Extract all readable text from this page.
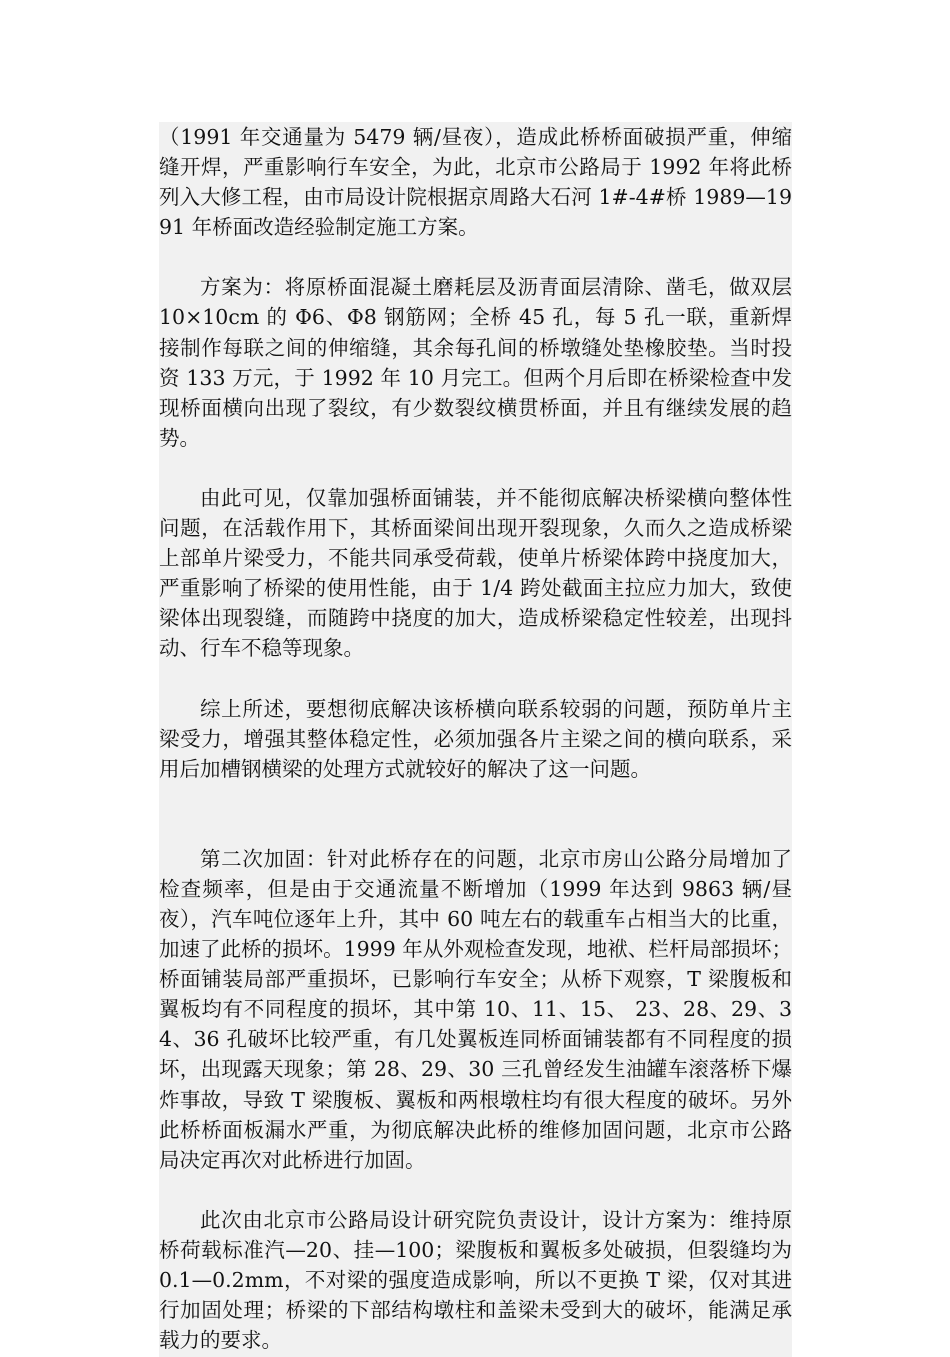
（1991 年交通量为 5479 辆/昼夜），造成此桥桥面破损严重，伸缩缝开焊，严重影响行车安全，为此，北京市公路局于 1992 年将此桥列入大修工程，由市局设计院根据京周路大石河 1#-4#桥 1989—1991 年桥面改造经验制定施工方案。

方案为：将原桥面混凝土磨耗层及沥青面层清除、凿毛，做双层 10×10cm 的 Φ6、Φ8 钢筋网；全桥 45 孔，每 5 孔一联，重新焊接制作每联之间的伸缩缝，其余每孔间的桥墩缝处垫橡胶垫。当时投资 133 万元，于 1992 年 10 月完工。但两个月后即在桥梁检查中发现桥面横向出现了裂纹，有少数裂纹横贯桥面，并且有继续发展的趋势。

由此可见，仅靠加强桥面铺装，并不能彻底解决桥梁横向整体性问题，在活载作用下，其桥面梁间出现开裂现象，久而久之造成桥梁上部单片梁受力，不能共同承受荷载，使单片桥梁体跨中挠度加大，严重影响了桥梁的使用性能，由于 1/4 跨处截面主拉应力加大，致使梁体出现裂缝，而随跨中挠度的加大，造成桥梁稳定性较差，出现抖动、行车不稳等现象。

综上所述，要想彻底解决该桥横向联系较弱的问题，预防单片主梁受力，增强其整体稳定性，必须加强各片主梁之间的横向联系，采用后加槽钢横梁的处理方式就较好的解决了这一问题。

第二次加固：针对此桥存在的问题，北京市房山公路分局增加了检查频率，但是由于交通流量不断增加（1999 年达到 9863 辆/昼夜），汽车吨位逐年上升，其中 60 吨左右的载重车占相当大的比重，加速了此桥的损坏。1999 年从外观检查发现，地袱、栏杆局部损坏；桥面铺装局部严重损坏，已影响行车安全；从桥下观察，T 梁腹板和翼板均有不同程度的损坏，其中第 10、11、15、 23、28、29、34、36 孔破坏比较严重，有几处翼板连同桥面铺装都有不同程度的损坏，出现露天现象；第 28、29、30 三孔曾经发生油罐车滚落桥下爆炸事故，导致 T 梁腹板、翼板和两根墩柱均有很大程度的破坏。另外此桥桥面板漏水严重，为彻底解决此桥的维修加固问题，北京市公路局决定再次对此桥进行加固。

此次由北京市公路局设计研究院负责设计，设计方案为：维持原桥荷载标准汽—20、挂—100；梁腹板和翼板多处破损，但裂缝均为 0.1—0.2mm，不对梁的强度造成影响，所以不更换 T 梁，仅对其进行加固处理；桥梁的下部结构墩柱和盖梁未受到大的破坏，能满足承载力的要求。
